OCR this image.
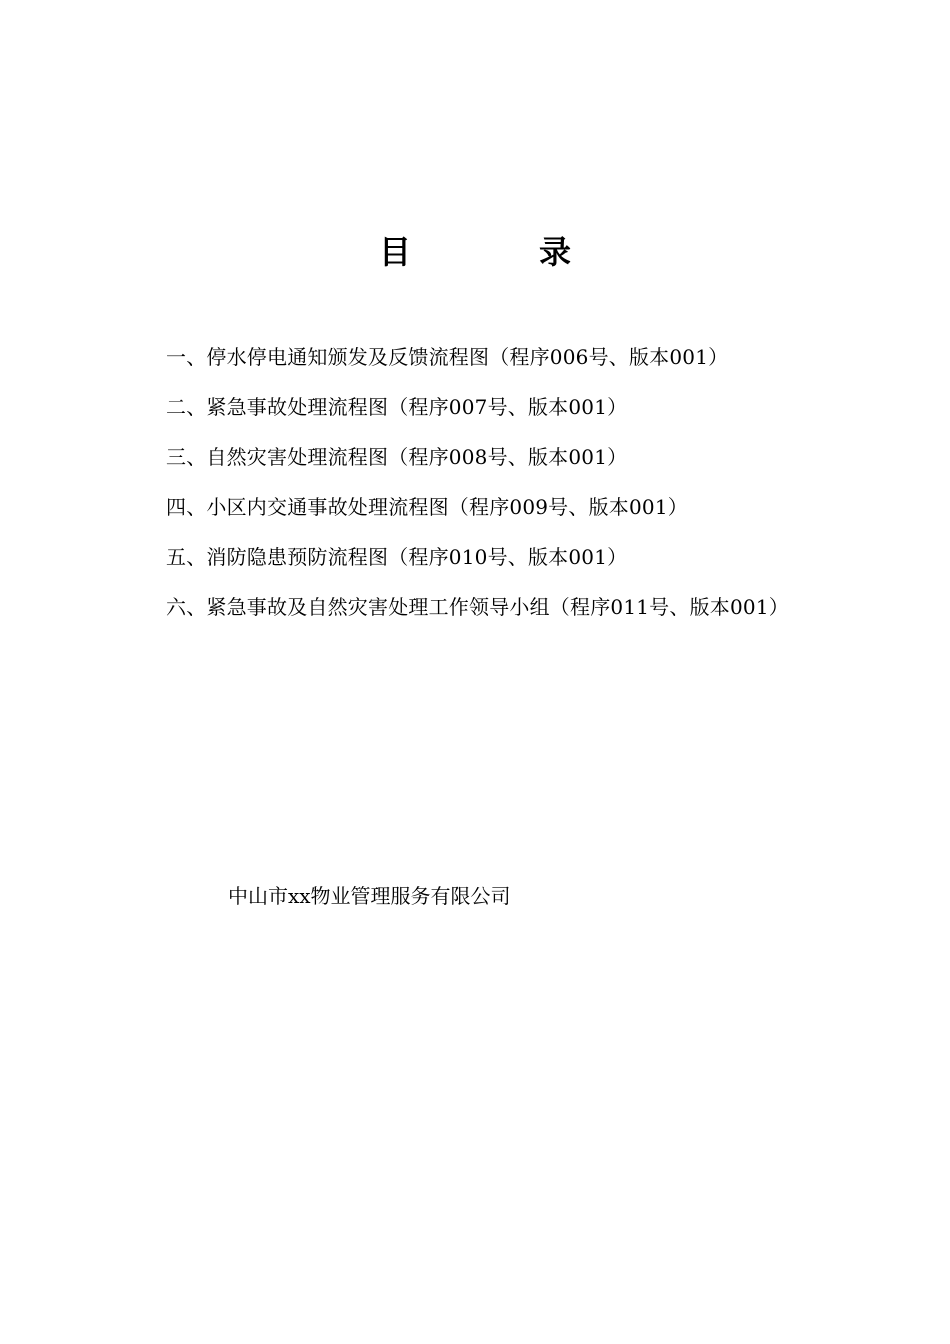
目　录
一、停水停电通知颁发及反馈流程图（程序006号、版本001）
二、紧急事故处理流程图（程序007号、版本001）
三、自然灾害处理流程图（程序008号、版本001）
四、小区内交通事故处理流程图（程序009号、版本001）
五、消防隐患预防流程图（程序010号、版本001）
六、紧急事故及自然灾害处理工作领导小组（程序011号、版本001）
中山市xx物业管理服务有限公司
